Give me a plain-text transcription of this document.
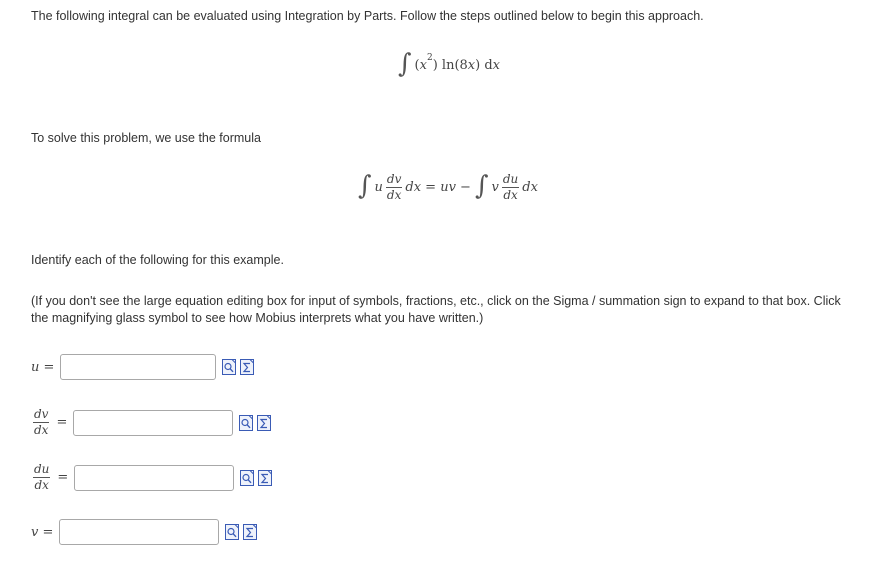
The following integral can be evaluated using Integration by Parts. Follow the steps outlined below to begin this approach.
∫ ( x 2 ) ln(8 x ) d x
To solve this problem, we use the formula
∫ u $\frac{dv}{dx}$ dx = uv − ∫ v $\frac{du}{dx}$ dx
Identify each of the following for this example.
(If you don't see the large equation editing box for input of symbols, fractions, etc., click on the Sigma / summation sign to expand to that box. Click the magnifying glass symbol to see how Mobius interprets what you have written.)
u =
$\frac{dv}{dx}$ =
$\frac{du}{dx}$ =
v =
